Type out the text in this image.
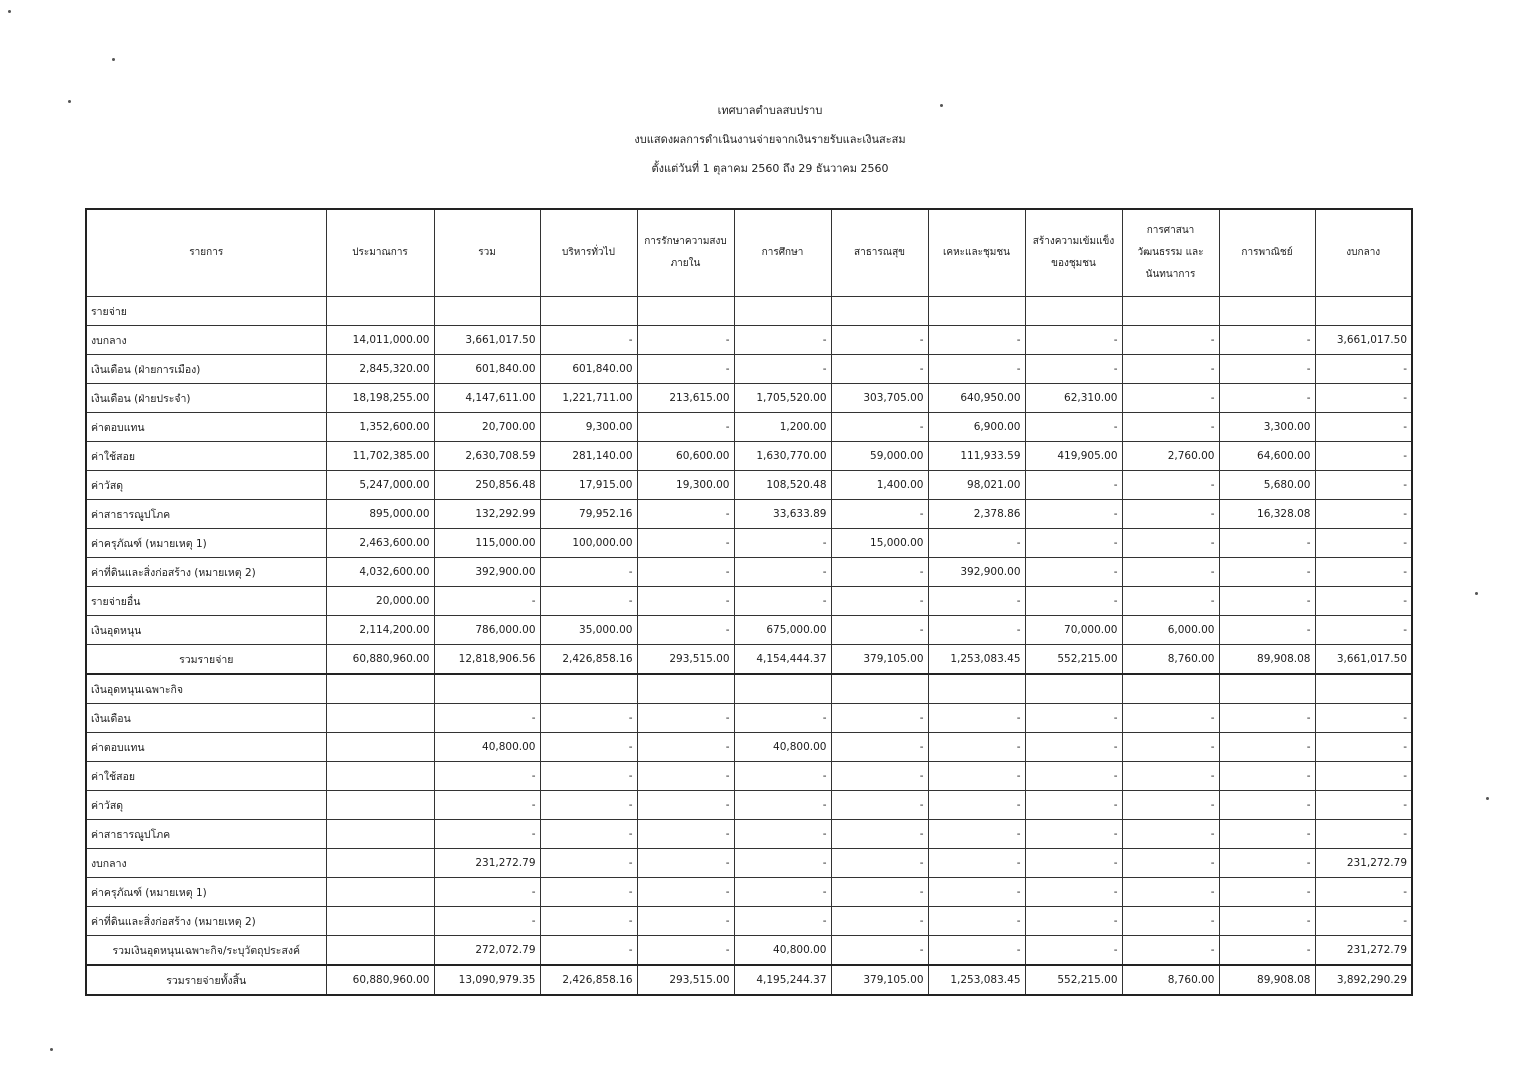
เทศบาลตำบลสบปราบ
งบแสดงผลการดำเนินงานจ่ายจากเงินรายรับและเงินสะสม
ตั้งแต่วันที่ 1 ตุลาคม 2560 ถึง 29 ธันวาคม 2560
รายการ	ประมาณการ	รวม	บริหารทั่วไป	การรักษาความสงบภายใน	การศึกษา	สาธารณสุข	เคหะและชุมชน	สร้างความเข้มแข็งของชุมชน	การศาสนา วัฒนธรรม และนันทนาการ	การพาณิชย์	งบกลาง
รายจ่าย											
งบกลาง	14,011,000.00	3,661,017.50	-	-	-	-	-	-	-	-	3,661,017.50
เงินเดือน (ฝ่ายการเมือง)	2,845,320.00	601,840.00	601,840.00	-	-	-	-	-	-	-	-
เงินเดือน (ฝ่ายประจำ)	18,198,255.00	4,147,611.00	1,221,711.00	213,615.00	1,705,520.00	303,705.00	640,950.00	62,310.00	-	-	-
ค่าตอบแทน	1,352,600.00	20,700.00	9,300.00	-	1,200.00	-	6,900.00	-	-	3,300.00	-
ค่าใช้สอย	11,702,385.00	2,630,708.59	281,140.00	60,600.00	1,630,770.00	59,000.00	111,933.59	419,905.00	2,760.00	64,600.00	-
ค่าวัสดุ	5,247,000.00	250,856.48	17,915.00	19,300.00	108,520.48	1,400.00	98,021.00	-	-	5,680.00	-
ค่าสาธารณูปโภค	895,000.00	132,292.99	79,952.16	-	33,633.89	-	2,378.86	-	-	16,328.08	-
ค่าครุภัณฑ์ (หมายเหตุ 1)	2,463,600.00	115,000.00	100,000.00	-	-	15,000.00	-	-	-	-	-
ค่าที่ดินและสิ่งก่อสร้าง (หมายเหตุ 2)	4,032,600.00	392,900.00	-	-	-	-	392,900.00	-	-	-	-
รายจ่ายอื่น	20,000.00	-	-	-	-	-	-	-	-	-	-
เงินอุดหนุน	2,114,200.00	786,000.00	35,000.00	-	675,000.00	-	-	70,000.00	6,000.00	-	-
รวมรายจ่าย	60,880,960.00	12,818,906.56	2,426,858.16	293,515.00	4,154,444.37	379,105.00	1,253,083.45	552,215.00	8,760.00	89,908.08	3,661,017.50
เงินอุดหนุนเฉพาะกิจ											
เงินเดือน		-	-	-	-	-	-	-	-	-	-
ค่าตอบแทน		40,800.00	-	-	40,800.00	-	-	-	-	-	-
ค่าใช้สอย		-	-	-	-	-	-	-	-	-	-
ค่าวัสดุ		-	-	-	-	-	-	-	-	-	-
ค่าสาธารณูปโภค		-	-	-	-	-	-	-	-	-	-
งบกลาง		231,272.79	-	-	-	-	-	-	-	-	231,272.79
ค่าครุภัณฑ์ (หมายเหตุ 1)		-	-	-	-	-	-	-	-	-	-
ค่าที่ดินและสิ่งก่อสร้าง (หมายเหตุ 2)		-	-	-	-	-	-	-	-	-	-
รวมเงินอุดหนุนเฉพาะกิจ/ระบุวัตถุประสงค์		272,072.79	-	-	40,800.00	-	-	-	-	-	231,272.79
รวมรายจ่ายทั้งสิ้น	60,880,960.00	13,090,979.35	2,426,858.16	293,515.00	4,195,244.37	379,105.00	1,253,083.45	552,215.00	8,760.00	89,908.08	3,892,290.29
